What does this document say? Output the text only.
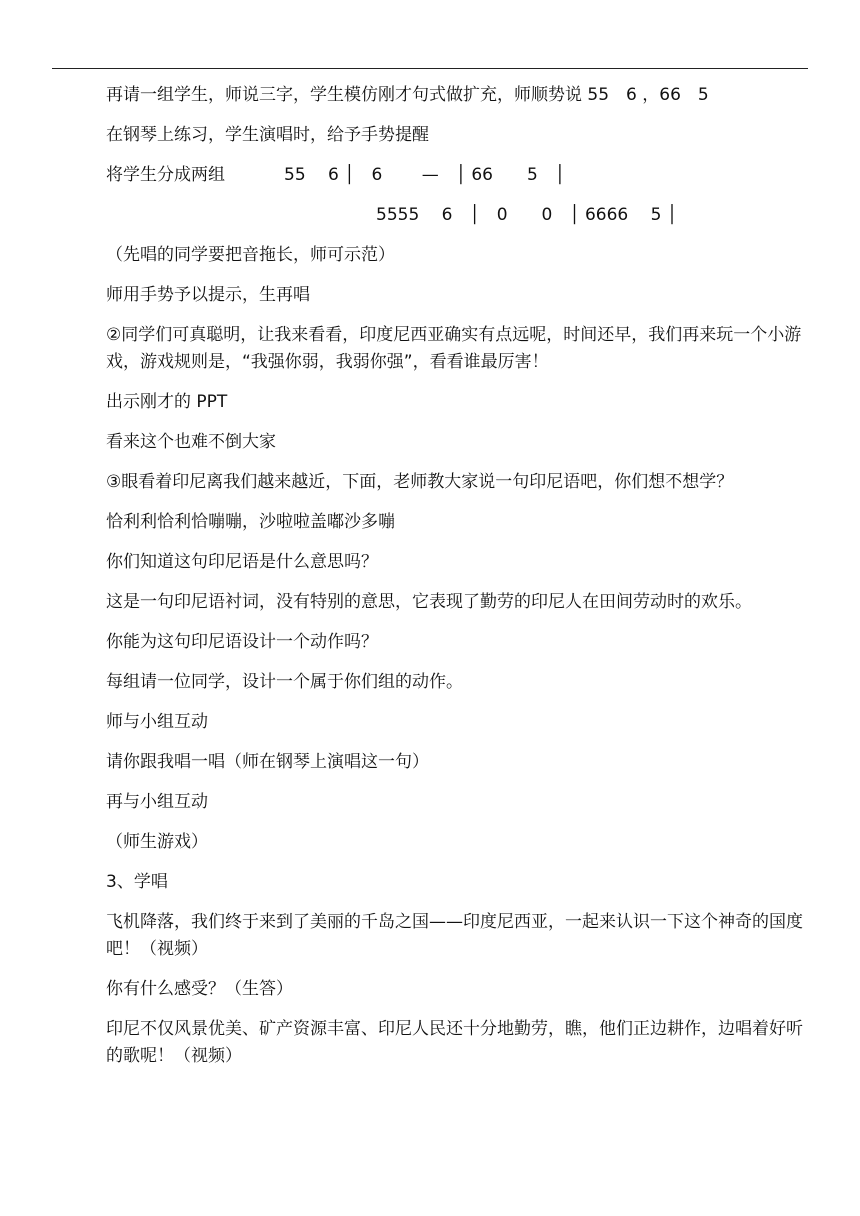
再请一组学生，师说三字，学生模仿刚才句式做扩充，师顺势说 55　6 ，66　5

在钢琴上练习，学生演唱时，给予手势提醒

将学生分成两组	55　 6 │　6　　 —　│ 66　　5　│
5555　 6　│　0　　0　│ 6666　 5 │

（先唱的同学要把音拖长，师可示范）

师用手势予以提示，生再唱

②同学们可真聪明，让我来看看，印度尼西亚确实有点远呢，时间还早，我们再来玩一个小游戏，游戏规则是，“我强你弱，我弱你强”，看看谁最厉害！

出示刚才的 PPT

看来这个也难不倒大家

③眼看着印尼离我们越来越近，下面，老师教大家说一句印尼语吧，你们想不想学？

恰利利恰利恰嘣嘣，沙啦啦盖嘟沙多嘣

你们知道这句印尼语是什么意思吗？

这是一句印尼语衬词，没有特别的意思，它表现了勤劳的印尼人在田间劳动时的欢乐。

你能为这句印尼语设计一个动作吗？

每组请一位同学，设计一个属于你们组的动作。

师与小组互动

请你跟我唱一唱（师在钢琴上演唱这一句）

再与小组互动

（师生游戏）

3、学唱

飞机降落，我们终于来到了美丽的千岛之国——印度尼西亚，一起来认识一下这个神奇的国度吧！（视频）

你有什么感受？（生答）

印尼不仅风景优美、矿产资源丰富、印尼人民还十分地勤劳，瞧，他们正边耕作，边唱着好听的歌呢！（视频）
